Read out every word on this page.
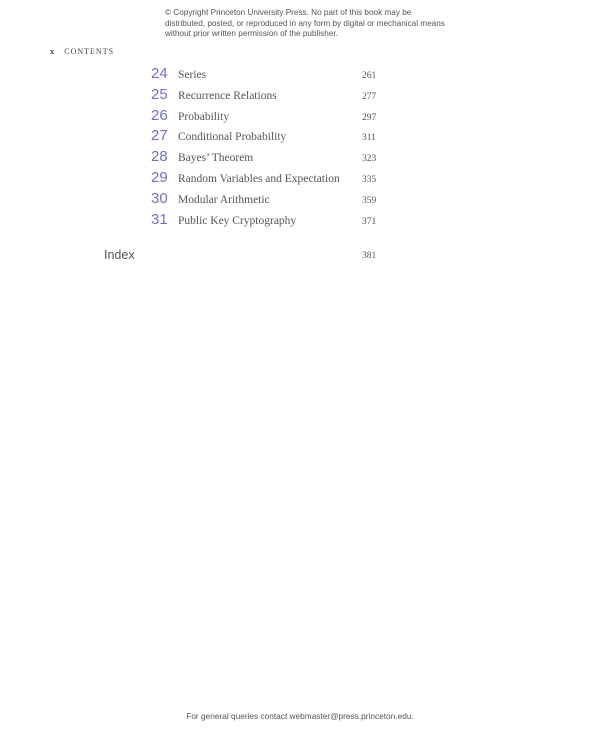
© Copyright Princeton University Press. No part of this book may be distributed, posted, or reproduced in any form by digital or mechanical means without prior written permission of the publisher.
x CONTENTS
24 Series	261
25 Recurrence Relations	277
26 Probability	297
27 Conditional Probability	311
28 Bayes’ Theorem	323
29 Random Variables and Expectation 335
30 Modular Arithmetic	359
31 Public Key Cryptography	371
Index	381
For general queries contact webmaster@press.princeton.edu.
